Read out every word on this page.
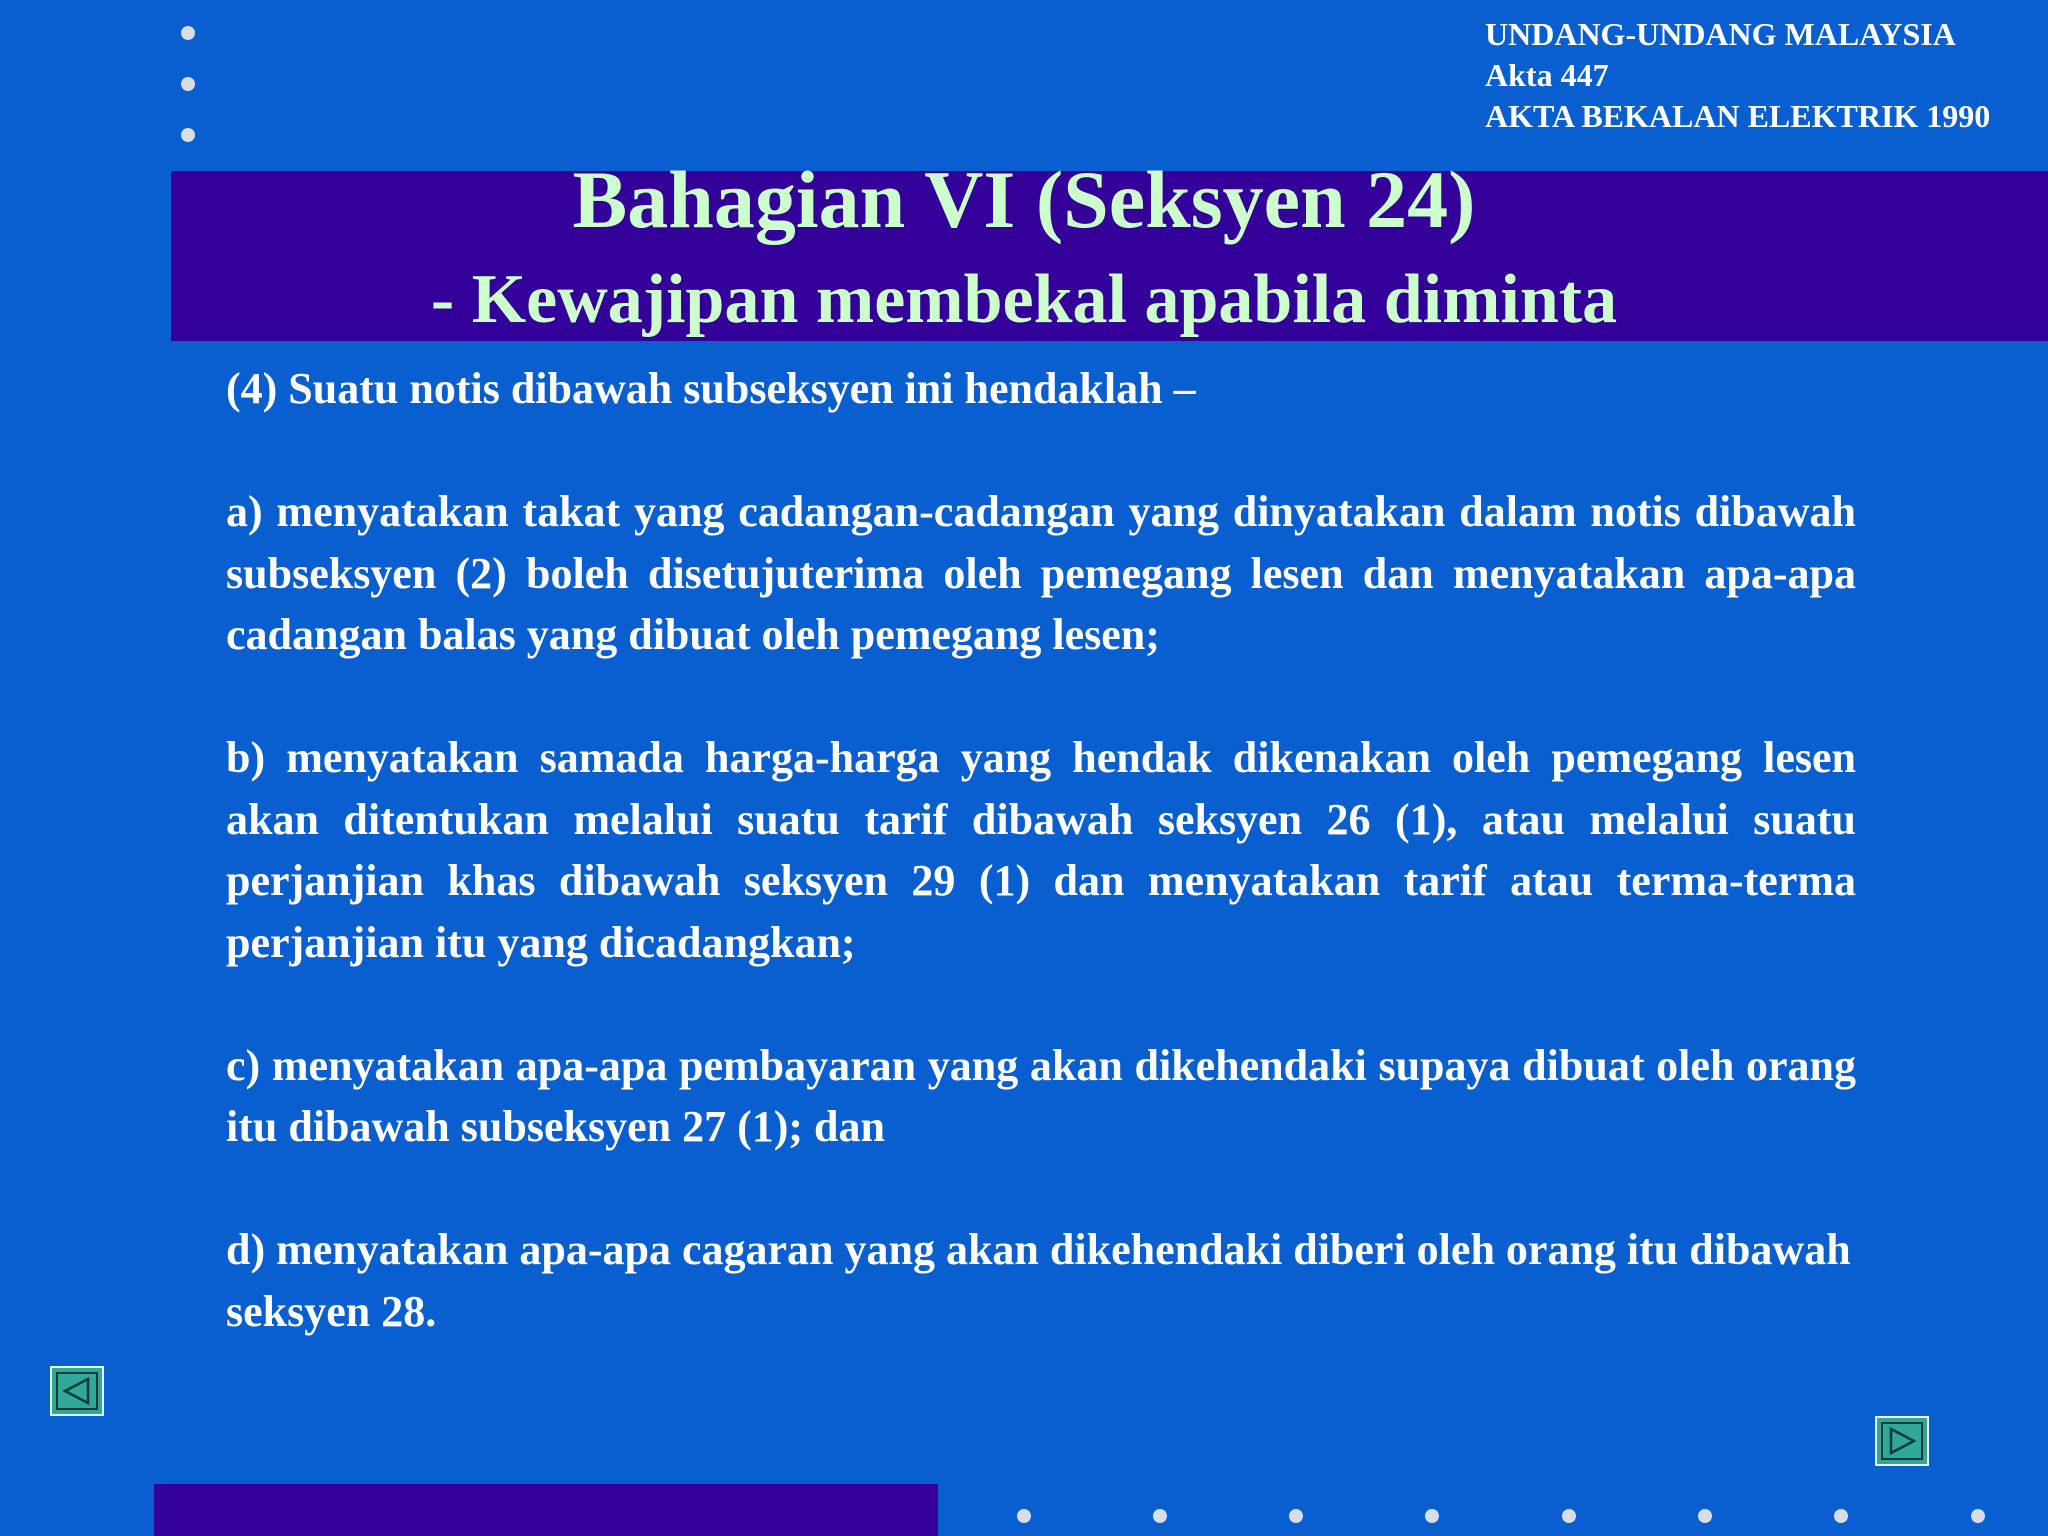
UNDANG-UNDANG MALAYSIA
Akta 447
AKTA BEKALAN ELEKTRIK 1990
Bahagian VI (Seksyen 24)
- Kewajipan membekal apabila diminta

(4) Suatu notis dibawah subseksyen ini hendaklah –

a) menyatakan takat yang cadangan-cadangan yang dinyatakan dalam notis dibawah subseksyen (2) boleh disetujuterima oleh pemegang lesen dan menyatakan apa-apa cadangan balas yang dibuat oleh pemegang lesen;

b) menyatakan samada harga-harga yang hendak dikenakan oleh pemegang lesen akan ditentukan melalui suatu tarif dibawah seksyen 26 (1), atau melalui suatu perjanjian khas dibawah seksyen 29 (1) dan menyatakan tarif atau terma-terma perjanjian itu yang dicadangkan;

c) menyatakan apa-apa pembayaran yang akan dikehendaki supaya dibuat oleh orang itu dibawah subseksyen 27 (1); dan

d) menyatakan apa-apa cagaran yang akan dikehendaki diberi oleh orang itu dibawah seksyen 28.
